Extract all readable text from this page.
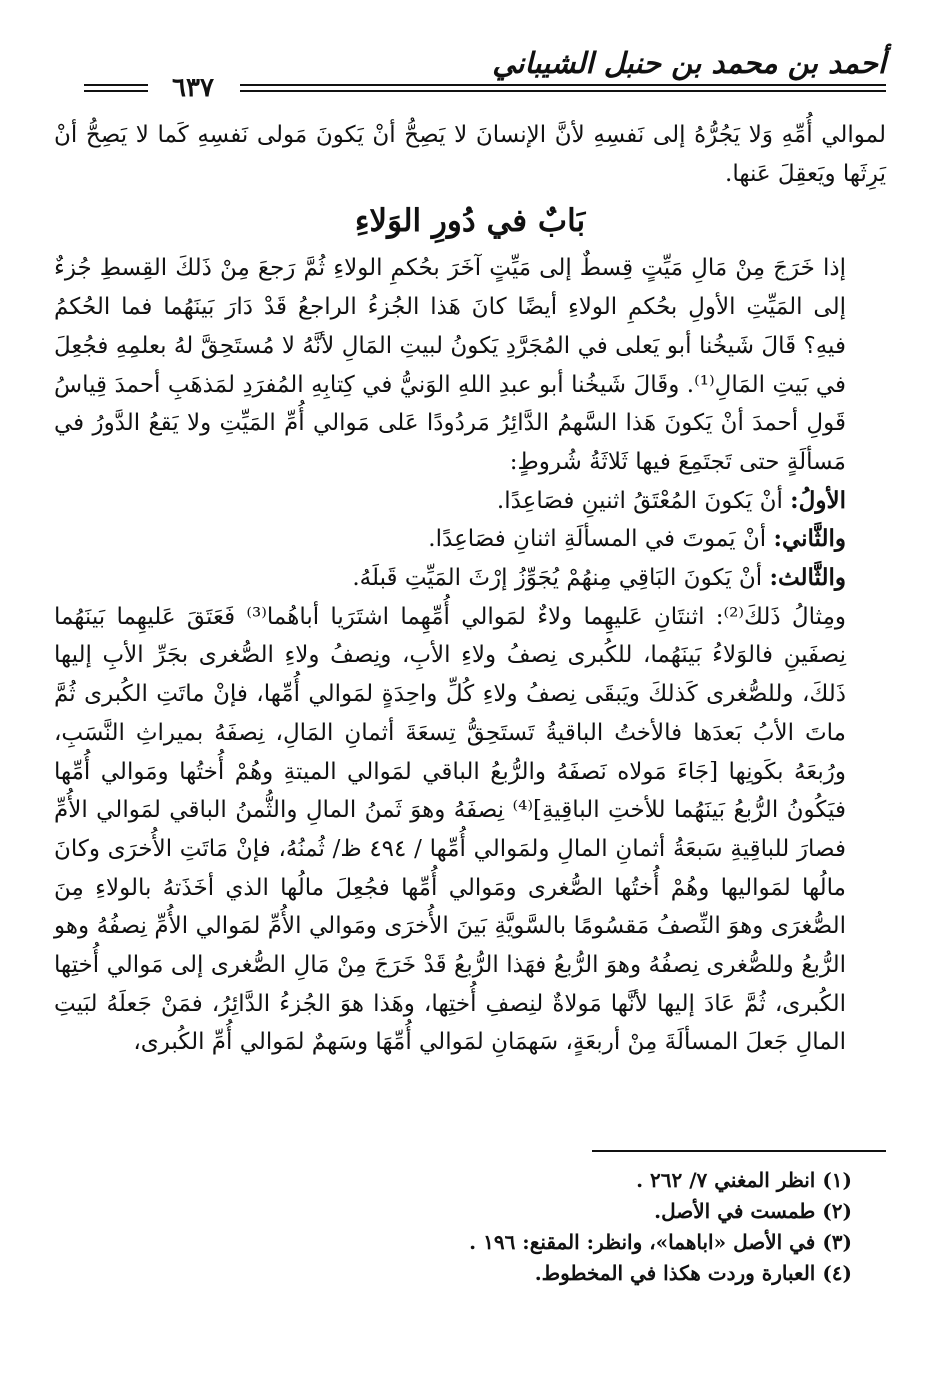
أحمد بن محمد بن حنبل الشيباني
٦٣٧

لموالي أُمِّهِ وَلا يَجُرُّهُ إلى نَفسِهِ لأنَّ الإنسانَ لا يَصِحُّ أنْ يَكونَ مَولى نَفسِهِ كَما لا يَصِحُّ أنْ يَرِثَها ويَعقِلَ عَنها.

بَابٌ في دُورِ الوَلاءِ

إذا خَرَجَ مِنْ مَالِ مَيِّتٍ قِسطٌ إلى مَيِّتٍ آخَرَ بحُكمِ الولاءِ ثُمَّ رَجعَ مِنْ ذَلكَ القِسطِ جُزءٌ إلى المَيِّتِ الأولِ بحُكمِ الولاءِ أيضًا كانَ هَذا الجُزءُ الراجعُ قَدْ دَارَ بَينَهُما فما الحُكمُ فيهِ؟ قَالَ شَيخُنا أبو يَعلى في المُجَرَّدِ يَكونُ لبيتِ المَالِ لأنَّهُ لا مُستَحِقَّ لهُ بعلمِهِ فجُعِلَ في بَيتِ المَالِ⁽¹⁾. وقَالَ شَيخُنا أبو عبدِ اللهِ الوَنيُّ في كِتابِهِ المُفرَدِ لمَذهَبِ أحمدَ قِياسُ قَولِ أحمدَ أنْ يَكونَ هَذا السَّهمُ الدَّائِرُ مَردُودًا عَلى مَوالي أُمِّ المَيِّتِ ولا يَقعُ الدَّورُ في مَسألَةٍ حتى تَجتَمِعَ فيها ثَلاثَةُ شُروطٍ:

الأولُ: أنْ يَكونَ المُعْتَقُ اثنينِ فصَاعِدًا.

والثَّاني: أنْ يَموتَ في المسألَةِ اثنانِ فصَاعِدًا.

والثَّالث: أنْ يَكونَ البَاقِي مِنهُمْ يُجَوِّزُ إرْثَ المَيِّتِ قَبلَهُ.

ومِثالُ ذَلكَ⁽²⁾: اثنتَانِ عَليهِما ولاءٌ لمَوالي أُمِّهِما اشتَرَيا أباهُما⁽³⁾ فَعَتَقَ عَليهِما بَينَهُما نِصفَينِ فالوَلاءُ بَينَهُما، للكُبرى نِصفُ ولاءِ الأبِ، ونِصفُ ولاءِ الصُّغرى بجَرِّ الأبِ إليها ذَلكَ، وللصُّغرى كَذلكَ ويَبقَى نِصفُ ولاءِ كُلِّ واحِدَةٍ لمَوالي أُمِّها، فإنْ ماتَتِ الكُبرى ثُمَّ ماتَ الأبُ بَعدَها فالأختُ الباقيةُ تَستَحِقُّ تِسعَةَ أثمانِ المَالِ، نِصفَهُ بميراثِ النَّسَبِ، ورُبعَهُ بكَونِها [جَاءَ مَولاه نَصفَهُ والرُّبعُ الباقي لمَوالي الميتةِ وهُمْ أُختُها ومَوالي أُمِّها فيَكُونُ الرُّبعُ بَينَهُما للأختِ الباقِيةِ]⁽⁴⁾ نِصفَهُ وهوَ ثَمنُ المالِ والثُّمنُ الباقي لمَوالي الأُمِّ فصارَ للباقِيةِ سَبعَةُ أثمانِ المالِ ولمَوالي أُمِّها / ٤٩٤ ظ/ ثُمنُهُ، فإنْ مَاتَتِ الأُخرَى وكانَ مالُها لمَواليها وهُمْ أُختُها الصُّغرى ومَوالي أُمِّها فجُعِلَ مالُها الذي أخَذَتهُ بالولاءِ مِنَ الصُّغرَى وهوَ النِّصفُ مَقسُومًا بالسَّويَّةِ بَينَ الأُخرَى ومَوالي الأُمِّ لمَوالي الأُمِّ نِصفُهُ وهو الرُّبعُ وللصُّغرى نِصفُهُ وهوَ الرُّبعُ فهَذا الرُّبعُ قَدْ خَرَجَ مِنْ مَالِ الصُّغرى إلى مَوالي أُختِها الكُبرى، ثُمَّ عَادَ إليها لأنَّها مَولاةٌ لنِصفِ أُختِها، وهَذا هوَ الجُزءُ الدَّائِرُ، فمَنْ جَعلَهُ لبَيتِ المالِ جَعلَ المسألَةَ مِنْ أربعَةٍ، سَهمَانِ لمَوالي أُمِّهَا وسَهمٌ لمَوالي أُمِّ الكُبرى،

(١) انظر المغني ٧/ ٢٦٢ .

(٢) طمست في الأصل.

(٣) في الأصل «اباهما»، وانظر: المقنع: ١٩٦ .

(٤) العبارة وردت هكذا في المخطوط.
